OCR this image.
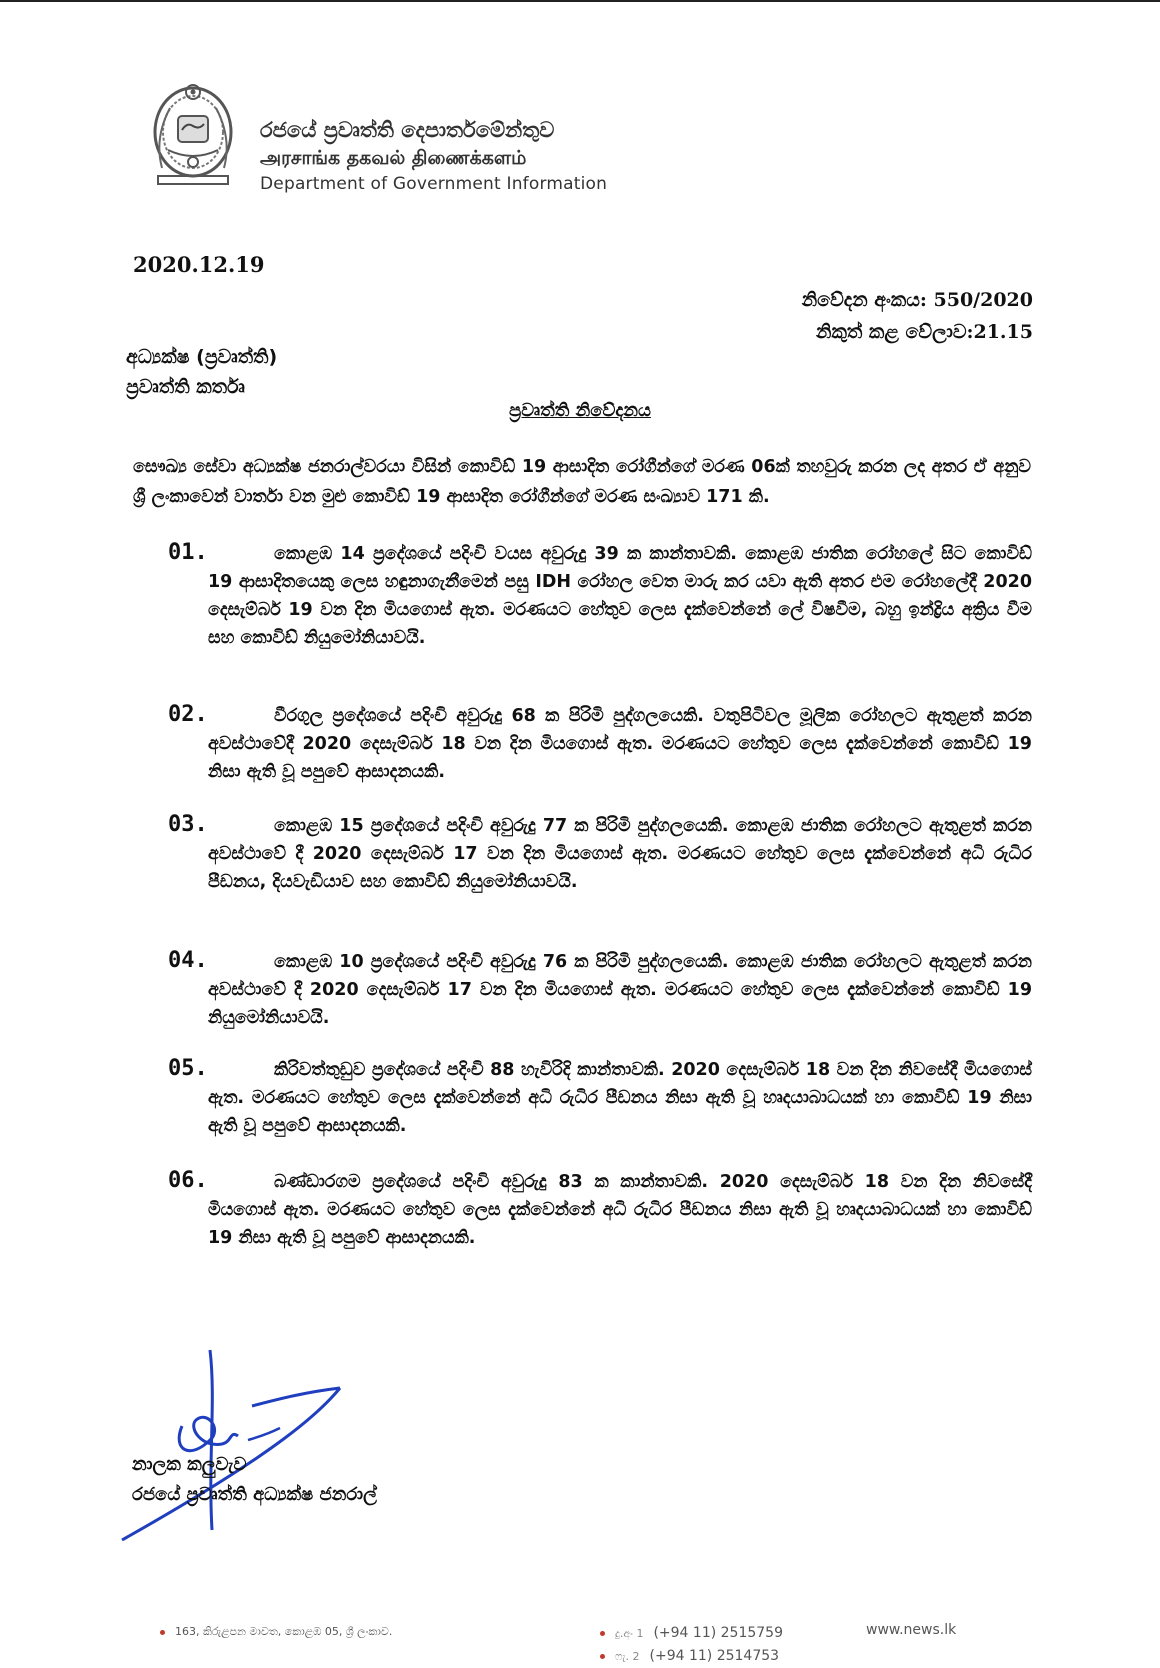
රජයේ ප්‍රවෘත්ති දෙපාර්තමේන්තුව
அரசாங்க தகவல் திணைக்களம்
Department of Government Information
2020.12.19
නිවේදන අංකය: 550/2020
නිකුත් කළ වේලාව:21.15
අධ්‍යක්ෂ (ප්‍රවෘත්ති)
ප්‍රවෘත්ති කර්තෘ
ප්‍රවෘත්ති නිවේදනය

සෞඛ්‍ය සේවා අධ්‍යක්ෂ ජනරාල්වරයා විසින් කොවිඩ් 19 ආසාදිත රෝගීන්ගේ මරණ 06ක් තහවුරු කරන ලද අතර ඒ අනුව ශ්‍රී ලංකාවෙන් වාර්තා වන මුළු කොවිඩ් 19 ආසාදිත රෝගීන්ගේ මරණ සංඛ්‍යාව 171 කි.

01.	කොළඹ 14 ප්‍රදේශයේ පදිංචි වයස අවුරුදු 39 ක කාන්තාවකි. කොළඹ ජාතික රෝහලේ සිට කොවිඩ් 19 ආසාදිතයෙකු ලෙස හඳුනාගැනීමෙන් පසු IDH රෝහල වෙත මාරු කර යවා ඇති අතර එම රෝහලේදී 2020 දෙසැම්බර් 19 වන දින මියගොස් ඇත. මරණයට හේතුව ලෙස දැක්වෙන්නේ ලේ විෂවීම, බහු ඉන්ද්‍රිය අක්‍රිය වීම සහ කොවිඩ් නියුමෝනියාවයි.
02.	වීරගුල ප්‍රදේශයේ පදිංචි අවුරුදු 68 ක පිරිමි පුද්ගලයෙකි. වතුපිටිවල මූලික රෝහලට ඇතුළත් කරන අවස්ථාවේදී 2020 දෙසැම්බර් 18 වන දින මියගොස් ඇත. මරණයට හේතුව ලෙස දැක්වෙන්නේ කොවිඩ් 19 නිසා ඇති වූ පපුවේ ආසාදනයකි.
03.	කොළඹ 15 ප්‍රදේශයේ පදිංචි අවුරුදු 77 ක පිරිමි පුද්ගලයෙකි. කොළඹ ජාතික රෝහලට ඇතුළත් කරන අවස්ථාවේ දී 2020 දෙසැම්බර් 17 වන දින මියගොස් ඇත. මරණයට හේතුව ලෙස දැක්වෙන්නේ අධි රුධිර පීඩනය, දියවැඩියාව සහ කොවිඩ් නියුමෝනියාවයි.
04.	කොළඹ 10 ප්‍රදේශයේ පදිංචි අවුරුදු 76 ක පිරිමි පුද්ගලයෙකි. කොළඹ ජාතික රෝහලට ඇතුළත් කරන අවස්ථාවේ දී 2020 දෙසැම්බර් 17 වන දින මියගොස් ඇත. මරණයට හේතුව ලෙස දැක්වෙන්නේ කොවිඩ් 19 නියුමෝනියාවයි.
05.	කිරිවත්තුඩුව ප්‍රදේශයේ පදිංචි 88 හැවිරිදි කාන්තාවකි. 2020 දෙසැම්බර් 18 වන දින නිවසේදී මියගොස් ඇත. මරණයට හේතුව ලෙස දැක්වෙන්නේ අධි රුධිර පීඩනය නිසා ඇති වූ හෘදයාබාධයක් හා කොවිඩ් 19 නිසා ඇති වූ පපුවේ ආසාදනයකි.
06.	බණ්ඩාරගම ප්‍රදේශයේ පදිංචි අවුරුදු 83 ක කාන්තාවකි. 2020 දෙසැම්බර් 18 වන දින නිවසේදී මියගොස් ඇත. මරණයට හේතුව ලෙස දැක්වෙන්නේ අධි රුධිර පීඩනය නිසා ඇති වූ හෘදයාබාධයක් හා කොවිඩ් 19 නිසා ඇති වූ පපුවේ ආසාදනයකි.
නාලක කලුවැව
රජයේ ප්‍රවෘත්ති අධ්‍යක්ෂ ජනරාල්
163, කිරුළපන මාවත, කොළඹ 05, ශ්‍රී ලංකාව.	දු.අං 1 (+94 11) 2515759
ෆැ. 2 (+94 11) 2514753
www.news.lk
